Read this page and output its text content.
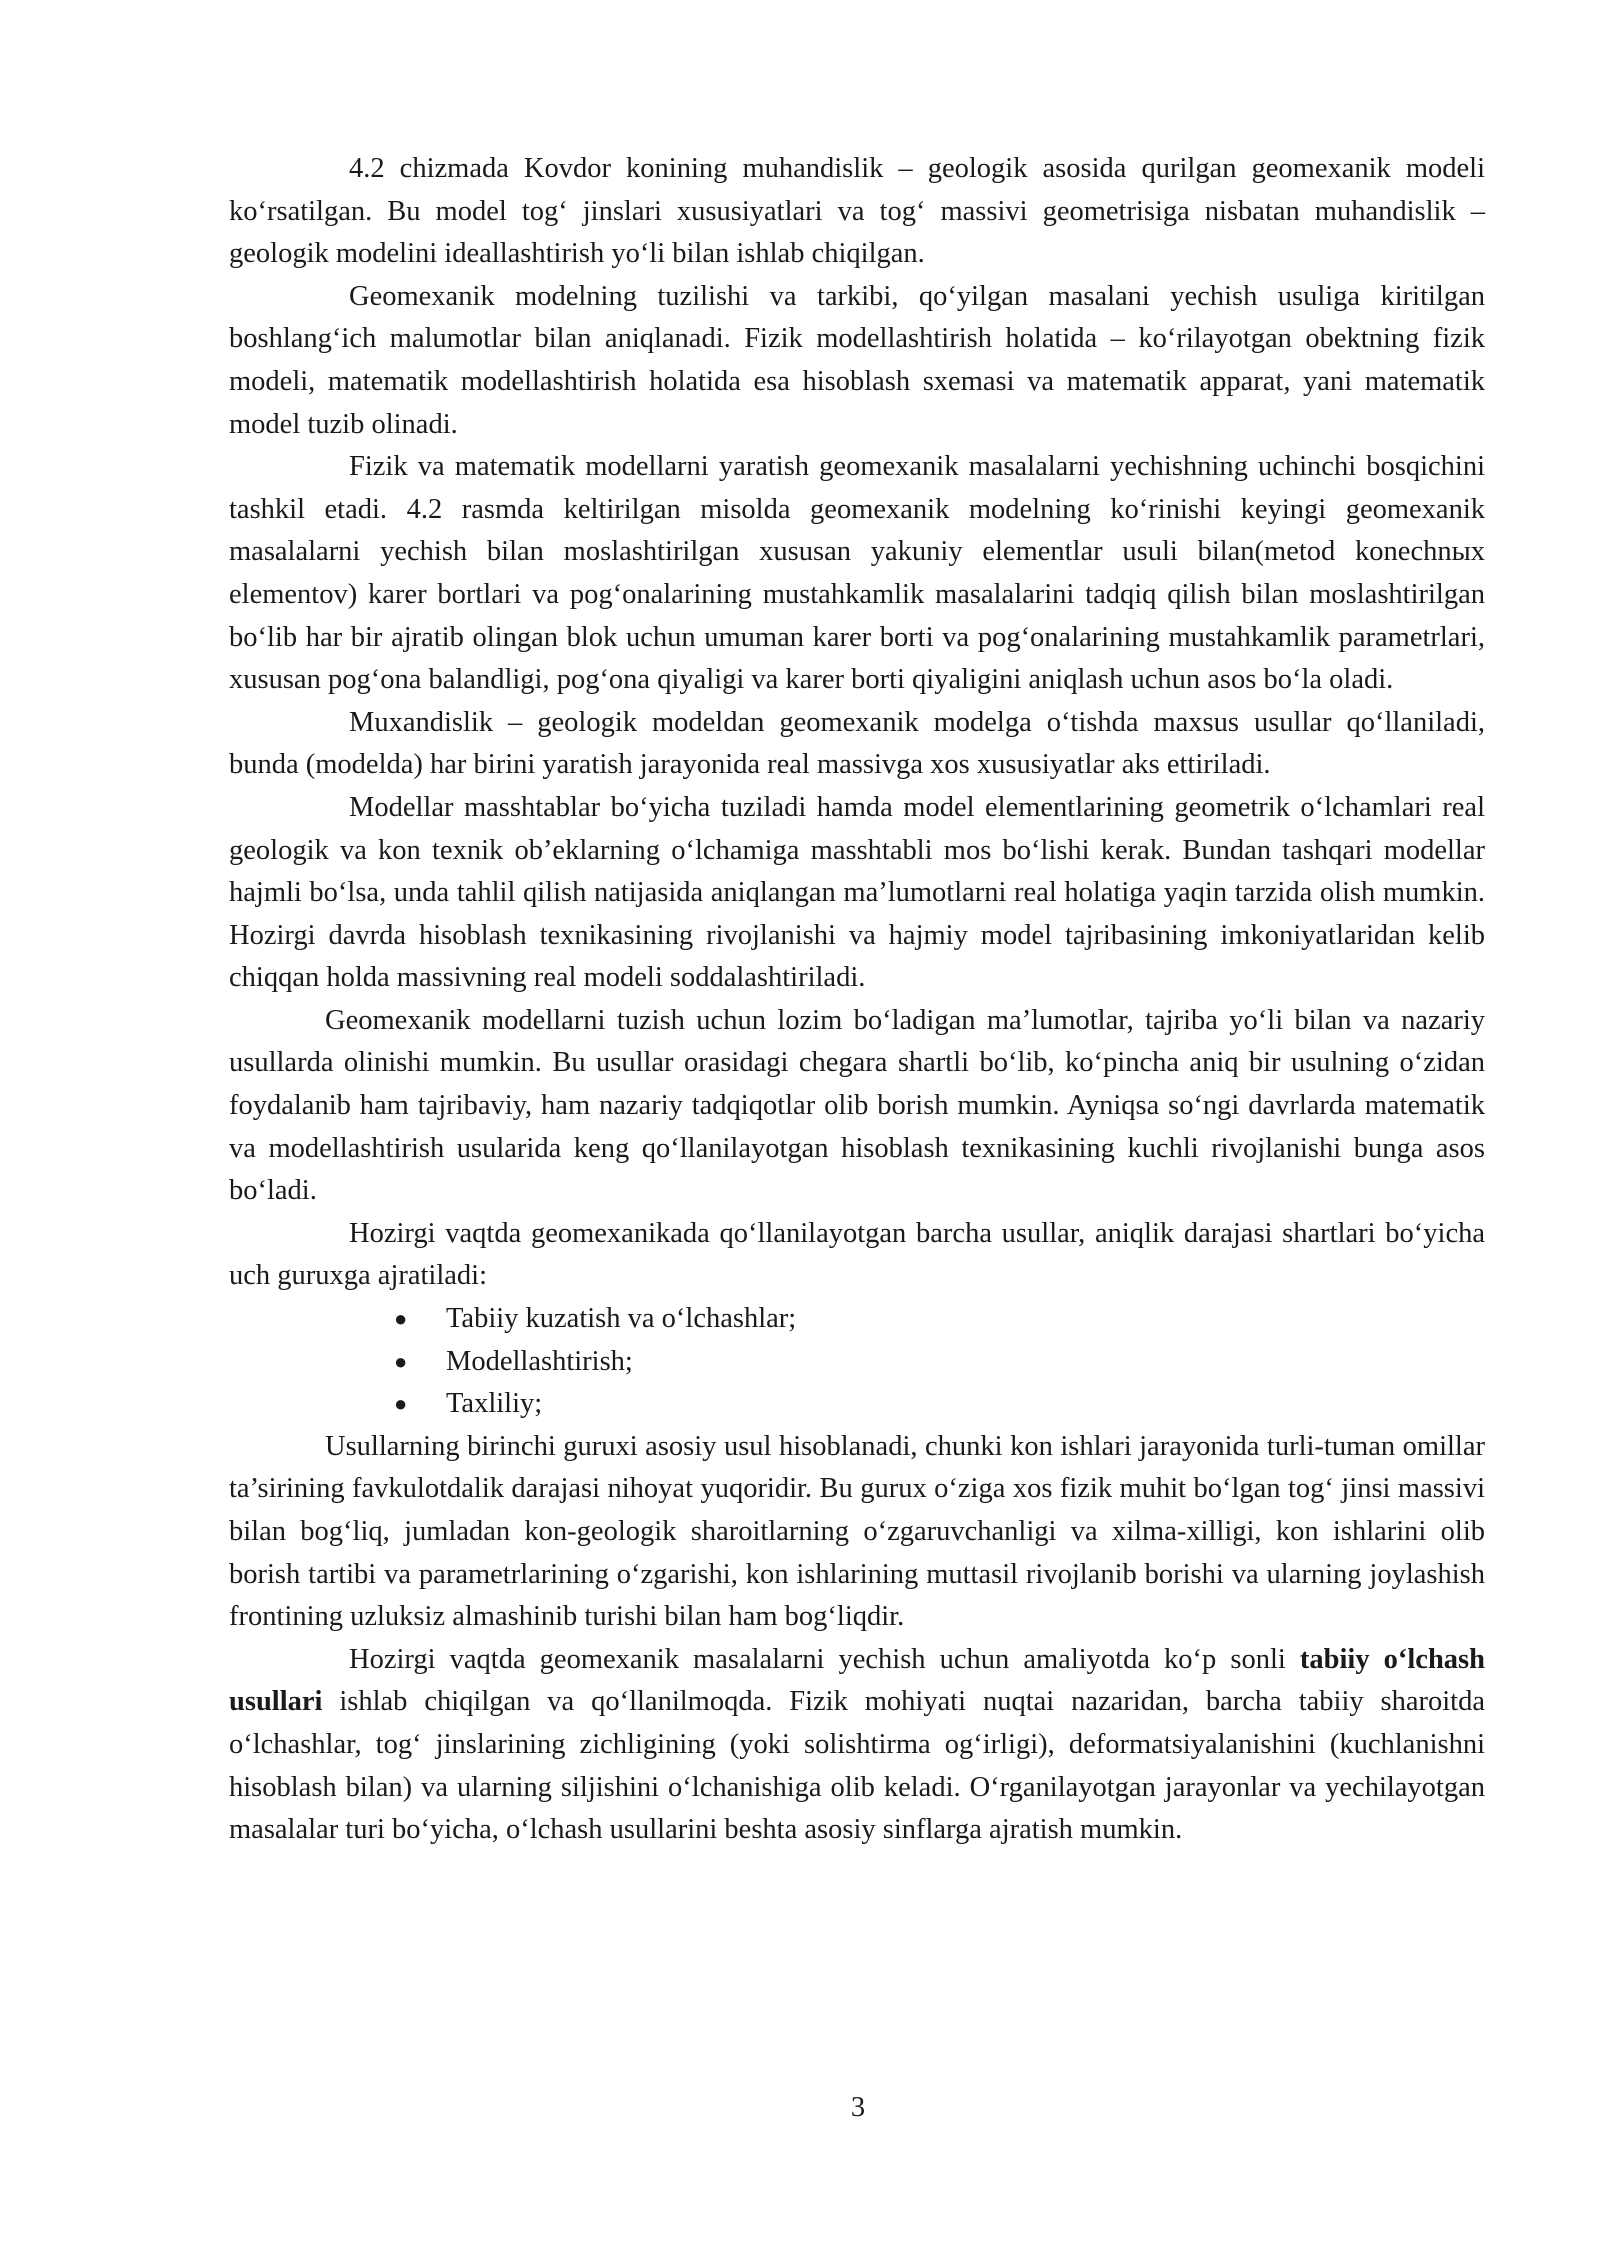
4.2 chizmada Kovdor konining muhandislik – geologik asosida qurilgan geomexanik modeli ko‘rsatilgan. Bu model tog‘ jinslari xususiyatlari va tog‘ massivi geometrisiga nisbatan muhandislik – geologik modelini ideallashtirish yo‘li bilan ishlab chiqilgan.

Geomexanik modelning tuzilishi va tarkibi, qo‘yilgan masalani yechish usuliga kiritilgan boshlang‘ich malumotlar bilan aniqlanadi. Fizik modellashtirish holatida – ko‘rilayotgan obektning fizik modeli, matematik modellashtirish holatida esa hisoblash sxemasi va matematik apparat, yani matematik model tuzib olinadi.

Fizik va matematik modellarni yaratish geomexanik masalalarni yechishning uchinchi bosqichini tashkil etadi. 4.2 rasmda keltirilgan misolda geomexanik modelning ko‘rinishi keyingi geomexanik masalalarni yechish bilan moslashtirilgan xususan yakuniy elementlar usuli bilan(metod konechnых elementov) karer bortlari va pog‘onalarining mustahkamlik masalalarini tadqiq qilish bilan moslashtirilgan bo‘lib har bir ajratib olingan blok uchun umuman karer borti va pog‘onalarining mustahkamlik parametrlari, xususan pog‘ona balandligi, pog‘ona qiyaligi va karer borti qiyaligini aniqlash uchun asos bo‘la oladi.

Muxandislik – geologik modeldan geomexanik modelga o‘tishda maxsus usullar qo‘llaniladi, bunda (modelda) har birini yaratish jarayonida real massivga xos xususiyatlar aks ettiriladi.

Modellar masshtablar bo‘yicha tuziladi hamda model elementlarining geometrik o‘lchamlari real geologik va kon texnik ob’eklarning o‘lchamiga masshtabli mos bo‘lishi kerak. Bundan tashqari modellar hajmli bo‘lsa, unda tahlil qilish natijasida aniqlangan ma’lumotlarni real holatiga yaqin tarzida olish mumkin. Hozirgi davrda hisoblash texnikasining rivojlanishi va hajmiy model tajribasining imkoniyatlaridan kelib chiqqan holda massivning real modeli soddalashtiriladi.

Geomexanik modellarni tuzish uchun lozim bo‘ladigan ma’lumotlar, tajriba yo‘li bilan va nazariy usullarda olinishi mumkin. Bu usullar orasidagi chegara shartli bo‘lib, ko‘pincha aniq bir usulning o‘zidan foydalanib ham tajribaviy, ham nazariy tadqiqotlar olib borish mumkin. Ayniqsa so‘ngi davrlarda matematik va modellashtirish usularida keng qo‘llanilayotgan hisoblash texnikasining kuchli rivojlanishi bunga asos bo‘ladi.

Hozirgi vaqtda geomexanikada qo‘llanilayotgan barcha usullar, aniqlik darajasi shartlari bo‘yicha uch guruxga ajratiladi:

● Tabiiy kuzatish va o‘lchashlar;
● Modellashtirish;
● Taxliliy;

Usullarning birinchi guruxi asosiy usul hisoblanadi, chunki kon ishlari jarayonida turli-tuman omillar ta’sirining favkulotdalik darajasi nihoyat yuqoridir. Bu gurux o‘ziga xos fizik muhit bo‘lgan tog‘ jinsi massivi bilan bog‘liq, jumladan kon-geologik sharoitlarning o‘zgaruvchanligi va xilma-xilligi, kon ishlarini olib borish tartibi va parametrlarining o‘zgarishi, kon ishlarining muttasil rivojlanib borishi va ularning joylashish frontining uzluksiz almashinib turishi bilan ham bog‘liqdir.

Hozirgi vaqtda geomexanik masalalarni yechish uchun amaliyotda ko‘p sonli tabiiy o‘lchash usullari ishlab chiqilgan va qo‘llanilmoqda. Fizik mohiyati nuqtai nazaridan, barcha tabiiy sharoitda o‘lchashlar, tog‘ jinslarining zichligining (yoki solishtirma og‘irligi), deformatsiyalanishini (kuchlanishni hisoblash bilan) va ularning siljishini o‘lchanishiga olib keladi. O‘rganilayotgan jarayonlar va yechilayotgan masalalar turi bo‘yicha, o‘lchash usullarini beshta asosiy sinflarga ajratish mumkin.

3
